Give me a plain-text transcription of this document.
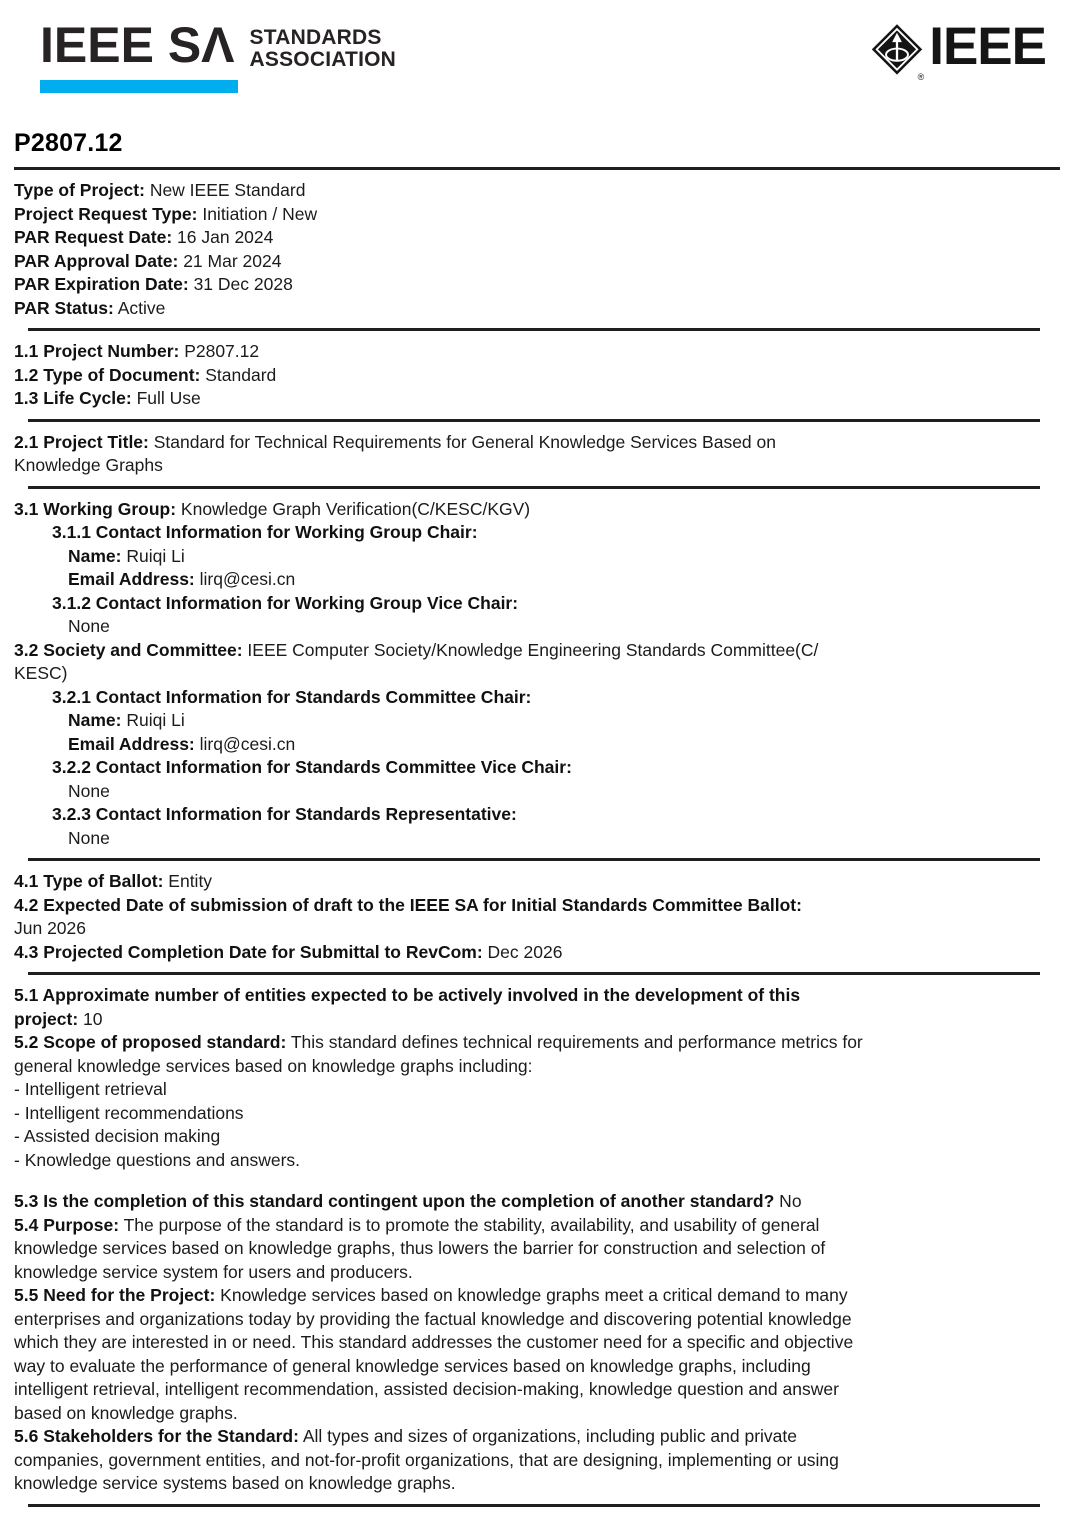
IEEE SΛ STANDARDS
ASSOCIATION
®
IEEE
P2807.12
Type of Project: New IEEE Standard
Project Request Type: Initiation / New
PAR Request Date: 16 Jan 2024
PAR Approval Date: 21 Mar 2024
PAR Expiration Date: 31 Dec 2028
PAR Status: Active
1.1 Project Number: P2807.12
1.2 Type of Document: Standard
1.3 Life Cycle: Full Use
2.1 Project Title: Standard for Technical Requirements for General Knowledge Services Based on
Knowledge Graphs
3.1 Working Group: Knowledge Graph Verification(C/KESC/KGV)
3.1.1 Contact Information for Working Group Chair:
Name: Ruiqi Li
Email Address: lirq@cesi.cn
3.1.2 Contact Information for Working Group Vice Chair:
None
3.2 Society and Committee: IEEE Computer Society/Knowledge Engineering Standards Committee(C/
KESC)
3.2.1 Contact Information for Standards Committee Chair:
Name: Ruiqi Li
Email Address: lirq@cesi.cn
3.2.2 Contact Information for Standards Committee Vice Chair:
None
3.2.3 Contact Information for Standards Representative:
None
4.1 Type of Ballot: Entity
4.2 Expected Date of submission of draft to the IEEE SA for Initial Standards Committee Ballot:
Jun 2026
4.3 Projected Completion Date for Submittal to RevCom: Dec 2026
5.1 Approximate number of entities expected to be actively involved in the development of this
project: 10
5.2 Scope of proposed standard: This standard defines technical requirements and performance metrics for
general knowledge services based on knowledge graphs including:
- Intelligent retrieval
- Intelligent recommendations
- Assisted decision making
- Knowledge questions and answers.
5.3 Is the completion of this standard contingent upon the completion of another standard? No
5.4 Purpose: The purpose of the standard is to promote the stability, availability, and usability of general
knowledge services based on knowledge graphs, thus lowers the barrier for construction and selection of
knowledge service system for users and producers.
5.5 Need for the Project: Knowledge services based on knowledge graphs meet a critical demand to many
enterprises and organizations today by providing the factual knowledge and discovering potential knowledge
which they are interested in or need. This standard addresses the customer need for a specific and objective
way to evaluate the performance of general knowledge services based on knowledge graphs, including
intelligent retrieval, intelligent recommendation, assisted decision-making, knowledge question and answer
based on knowledge graphs.
5.6 Stakeholders for the Standard: All types and sizes of organizations, including public and private
companies, government entities, and not-for-profit organizations, that are designing, implementing or using
knowledge service systems based on knowledge graphs.
